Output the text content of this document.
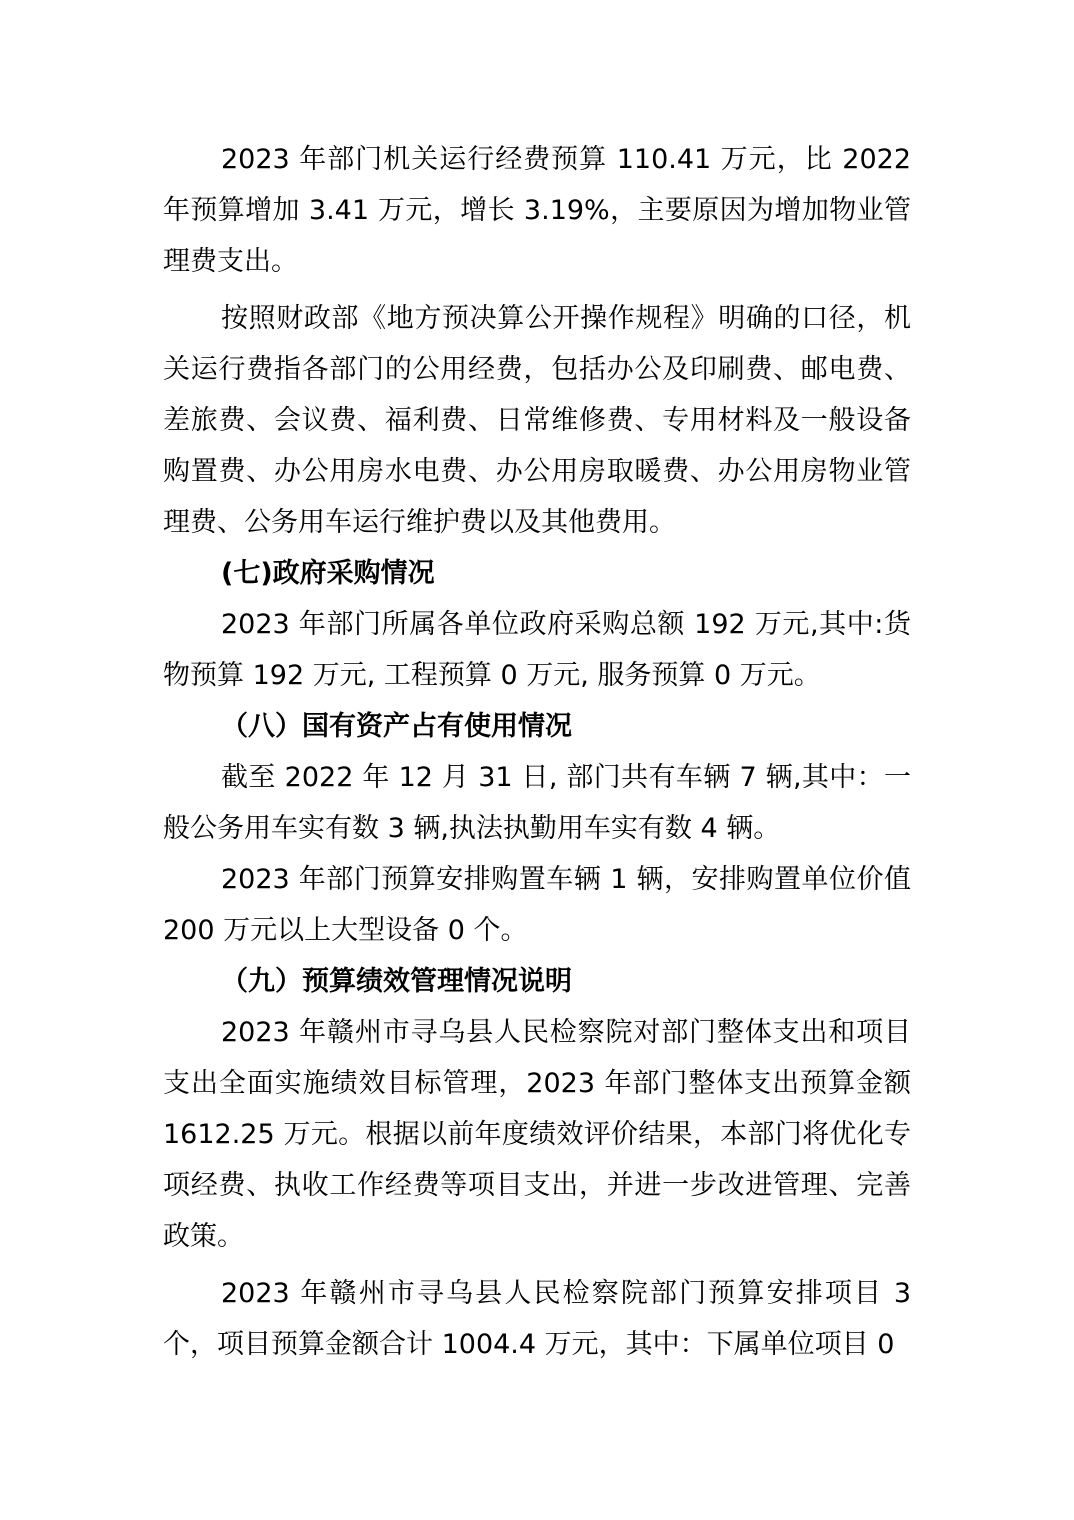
2023 年部门机关运行经费预算 110.41 万元，比 2022 年预算增加 3.41 万元，增长 3.19%，主要原因为增加物业管理费支出。

按照财政部《地方预决算公开操作规程》明确的口径，机关运行费指各部门的公用经费，包括办公及印刷费、邮电费、差旅费、会议费、福利费、日常维修费、专用材料及一般设备购置费、办公用房水电费、办公用房取暖费、办公用房物业管理费、公务用车运行维护费以及其他费用。

(七)政府采购情况

2023 年部门所属各单位政府采购总额 192 万元,其中:货物预算 192 万元, 工程预算 0 万元, 服务预算 0 万元。

（八）国有资产占有使用情况

截至 2022 年 12 月 31 日, 部门共有车辆 7 辆,其中：一般公务用车实有数 3 辆,执法执勤用车实有数 4 辆。

2023 年部门预算安排购置车辆 1 辆，安排购置单位价值 200 万元以上大型设备 0 个。

（九）预算绩效管理情况说明

2023 年赣州市寻乌县人民检察院对部门整体支出和项目支出全面实施绩效目标管理，2023 年部门整体支出预算金额 1612.25 万元。根据以前年度绩效评价结果，本部门将优化专项经费、执收工作经费等项目支出，并进一步改进管理、完善政策。

2023 年赣州市寻乌县人民检察院部门预算安排项目 3 个，项目预算金额合计 1004.4 万元，其中：下属单位项目 0
